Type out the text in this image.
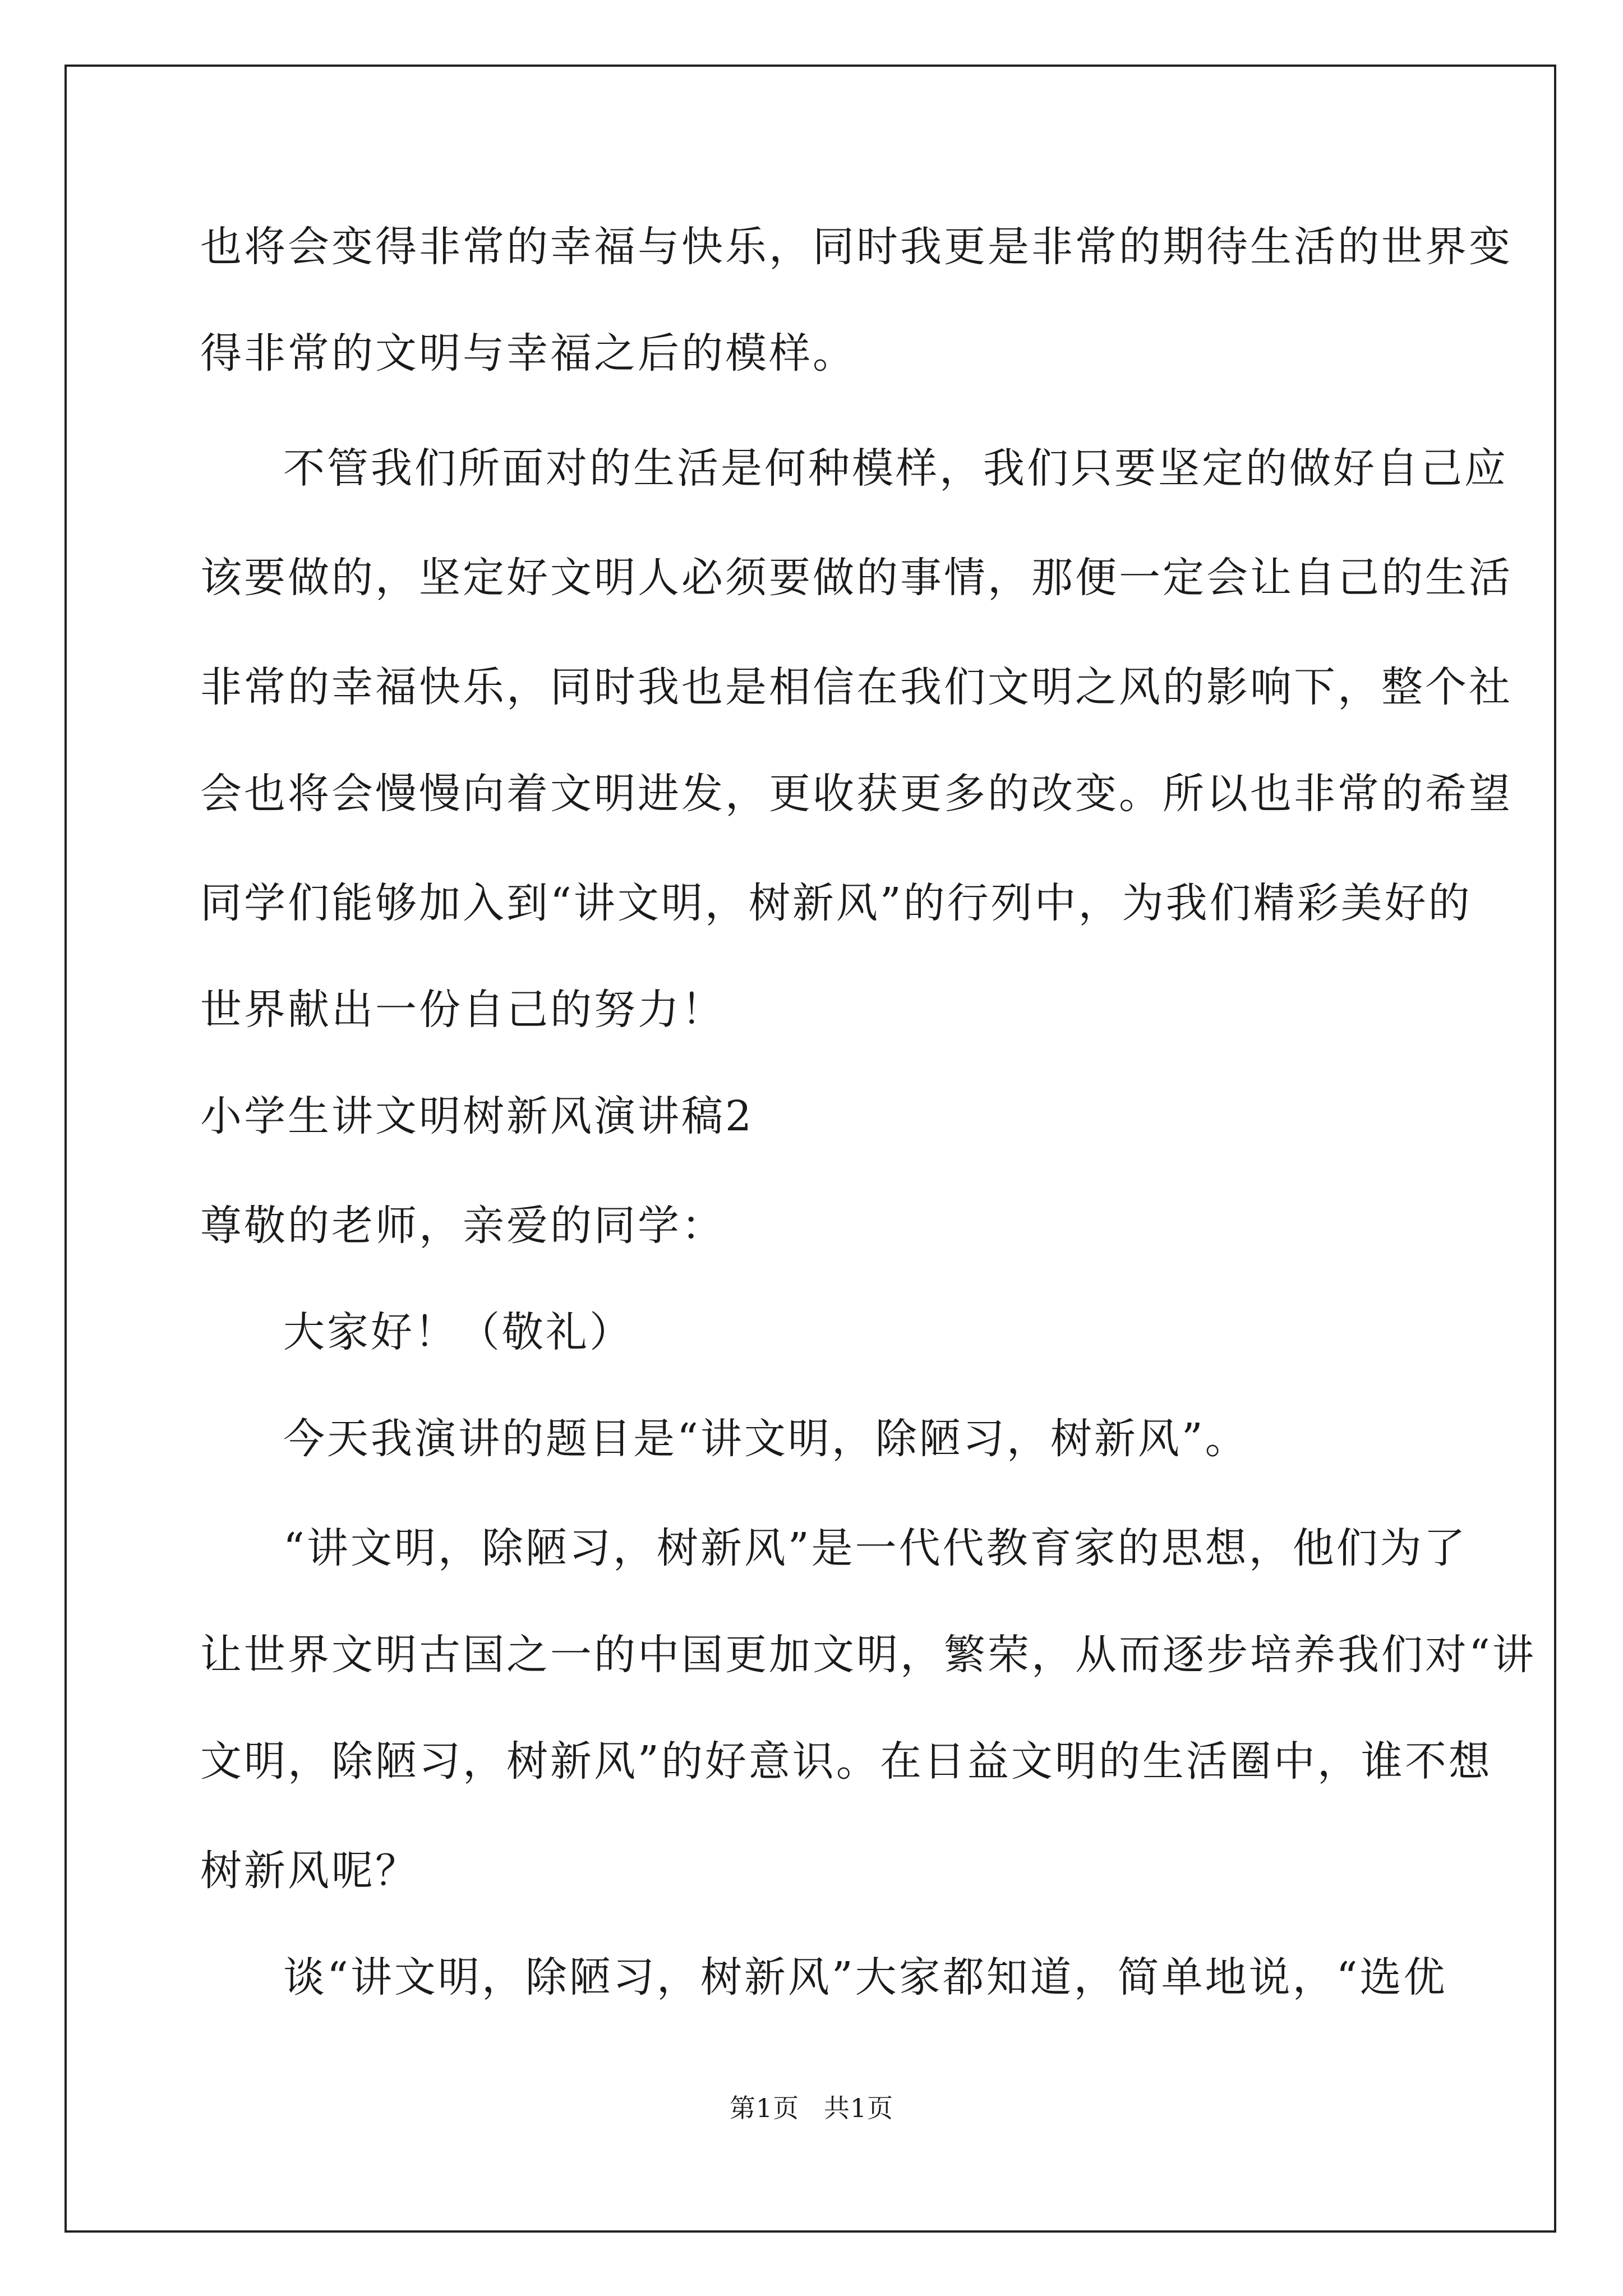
也将会变得非常的幸福与快乐，同时我更是非常的期待生活的世界变
得非常的文明与幸福之后的模样。
不管我们所面对的生活是何种模样，我们只要坚定的做好自己应
该要做的，坚定好文明人必须要做的事情，那便一定会让自己的生活
非常的幸福快乐，同时我也是相信在我们文明之风的影响下，整个社
会也将会慢慢向着文明进发，更收获更多的改变。所以也非常的希望
同学们能够加入到“讲文明，树新风”的行列中，为我们精彩美好的
世界献出一份自己的努力！
小学生讲文明树新风演讲稿2
尊敬的老师，亲爱的同学：
大家好！（敬礼）
今天我演讲的题目是“讲文明，除陋习，树新风”。
“讲文明，除陋习，树新风”是一代代教育家的思想，他们为了
让世界文明古国之一的中国更加文明，繁荣，从而逐步培养我们对“讲
文明，除陋习，树新风”的好意识。在日益文明的生活圈中，谁不想
树新风呢？
谈“讲文明，除陋习，树新风”大家都知道，简单地说，“选优
第1页 共1页
